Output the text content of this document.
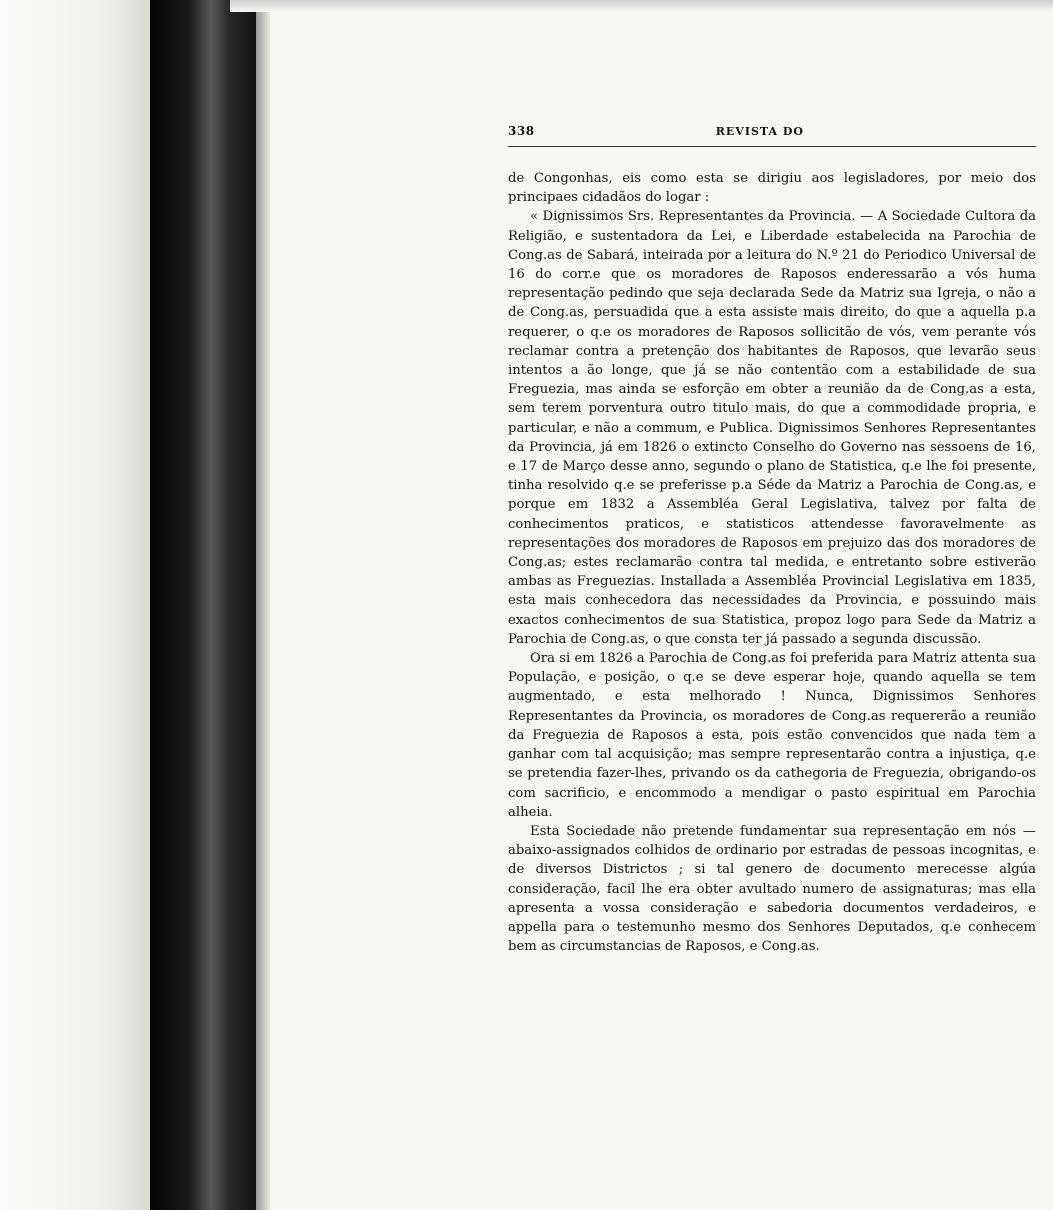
338	REVISTA DO

de Congonhas, eis como esta se dirigiu aos legisladores, por meio dos principaes cidadãos do logar :

« Dignissimos Srs. Representantes da Provincia. — A Sociedade Cultora da Religião, e sustentadora da Lei, e Liberdade estabelecida na Parochia de Cong.as de Sabará, inteirada por a leitura do N.º 21 do Periodico Universal de 16 do corr.e que os moradores de Raposos enderessarão a vós huma representação pedindo que seja declarada Sede da Matriz sua Igreja, o não a de Cong.as, persuadida que a esta assiste mais direito, do que a aquella p.a requerer, o q.e os moradores de Raposos sollicitão de vós, vem perante vós reclamar contra a pretenção dos habitantes de Raposos, que levarão seus intentos a ão longe, que já se não contentão com a estabilidade de sua Freguezia, mas ainda se esforção em obter a reunião da de Cong.as a esta, sem terem porventura outro titulo mais, do que a commodidade propria, e particular, e não a commum, e Publica. Dignissimos Senhores Representantes da Provincia, já em 1826 o extincto Conselho do Governo nas sessoens de 16, e 17 de Março desse anno, segundo o plano de Statistica, q.e lhe foi presente, tinha resolvido q.e se preferisse p.a Séde da Matriz a Parochia de Cong.as, e porque em 1832 a Assembléa Geral Legislativa, talvez por falta de conhecimentos praticos, e statisticos attendesse favoravelmente as representações dos moradores de Raposos em prejuizo das dos moradores de Cong.as; estes reclamarão contra tal medida, e entretanto sobre estiverão ambas as Freguezias. Installada a Assembléa Provincial Legislativa em 1835, esta mais conhecedora das necessidades da Provincia, e possuindo mais exactos conhecimentos de sua Statistica, propoz logo para Sede da Matriz a Parochia de Cong.as, o que consta ter já passado a segunda discussão.

Ora si em 1826 a Parochia de Cong.as foi preferida para Matriz attenta sua População, e posição, o q.e se deve esperar hoje, quando aquella se tem augmentado, e esta melhorado ! Nunca, Dignissimos Senhores Representantes da Provincia, os moradores de Cong.as requererão a reunião da Freguezia de Raposos a esta, pois estão convencidos que nada tem a ganhar com tal acquisição; mas sempre representarão contra a injustiça, q.e se pretendia fazer-lhes, privando os da cathegoria de Freguezia, obrigando-os com sacrificio, e encommodo a mendigar o pasto espiritual em Parochia alheia.

Esta Sociedade não pretende fundamentar sua representação em nós — abaixo-assignados colhidos de ordinario por estradas de pessoas incognitas, e de diversos Districtos ; si tal genero de documento merecesse algúa consideração, facil lhe era obter avultado numero de assignaturas; mas ella apresenta a vossa consideração e sabedoria documentos verdadeiros, e appella para o testemunho mesmo dos Senhores Deputados, q.e conhecem bem as circumstancias de Raposos, e Cong.as.
